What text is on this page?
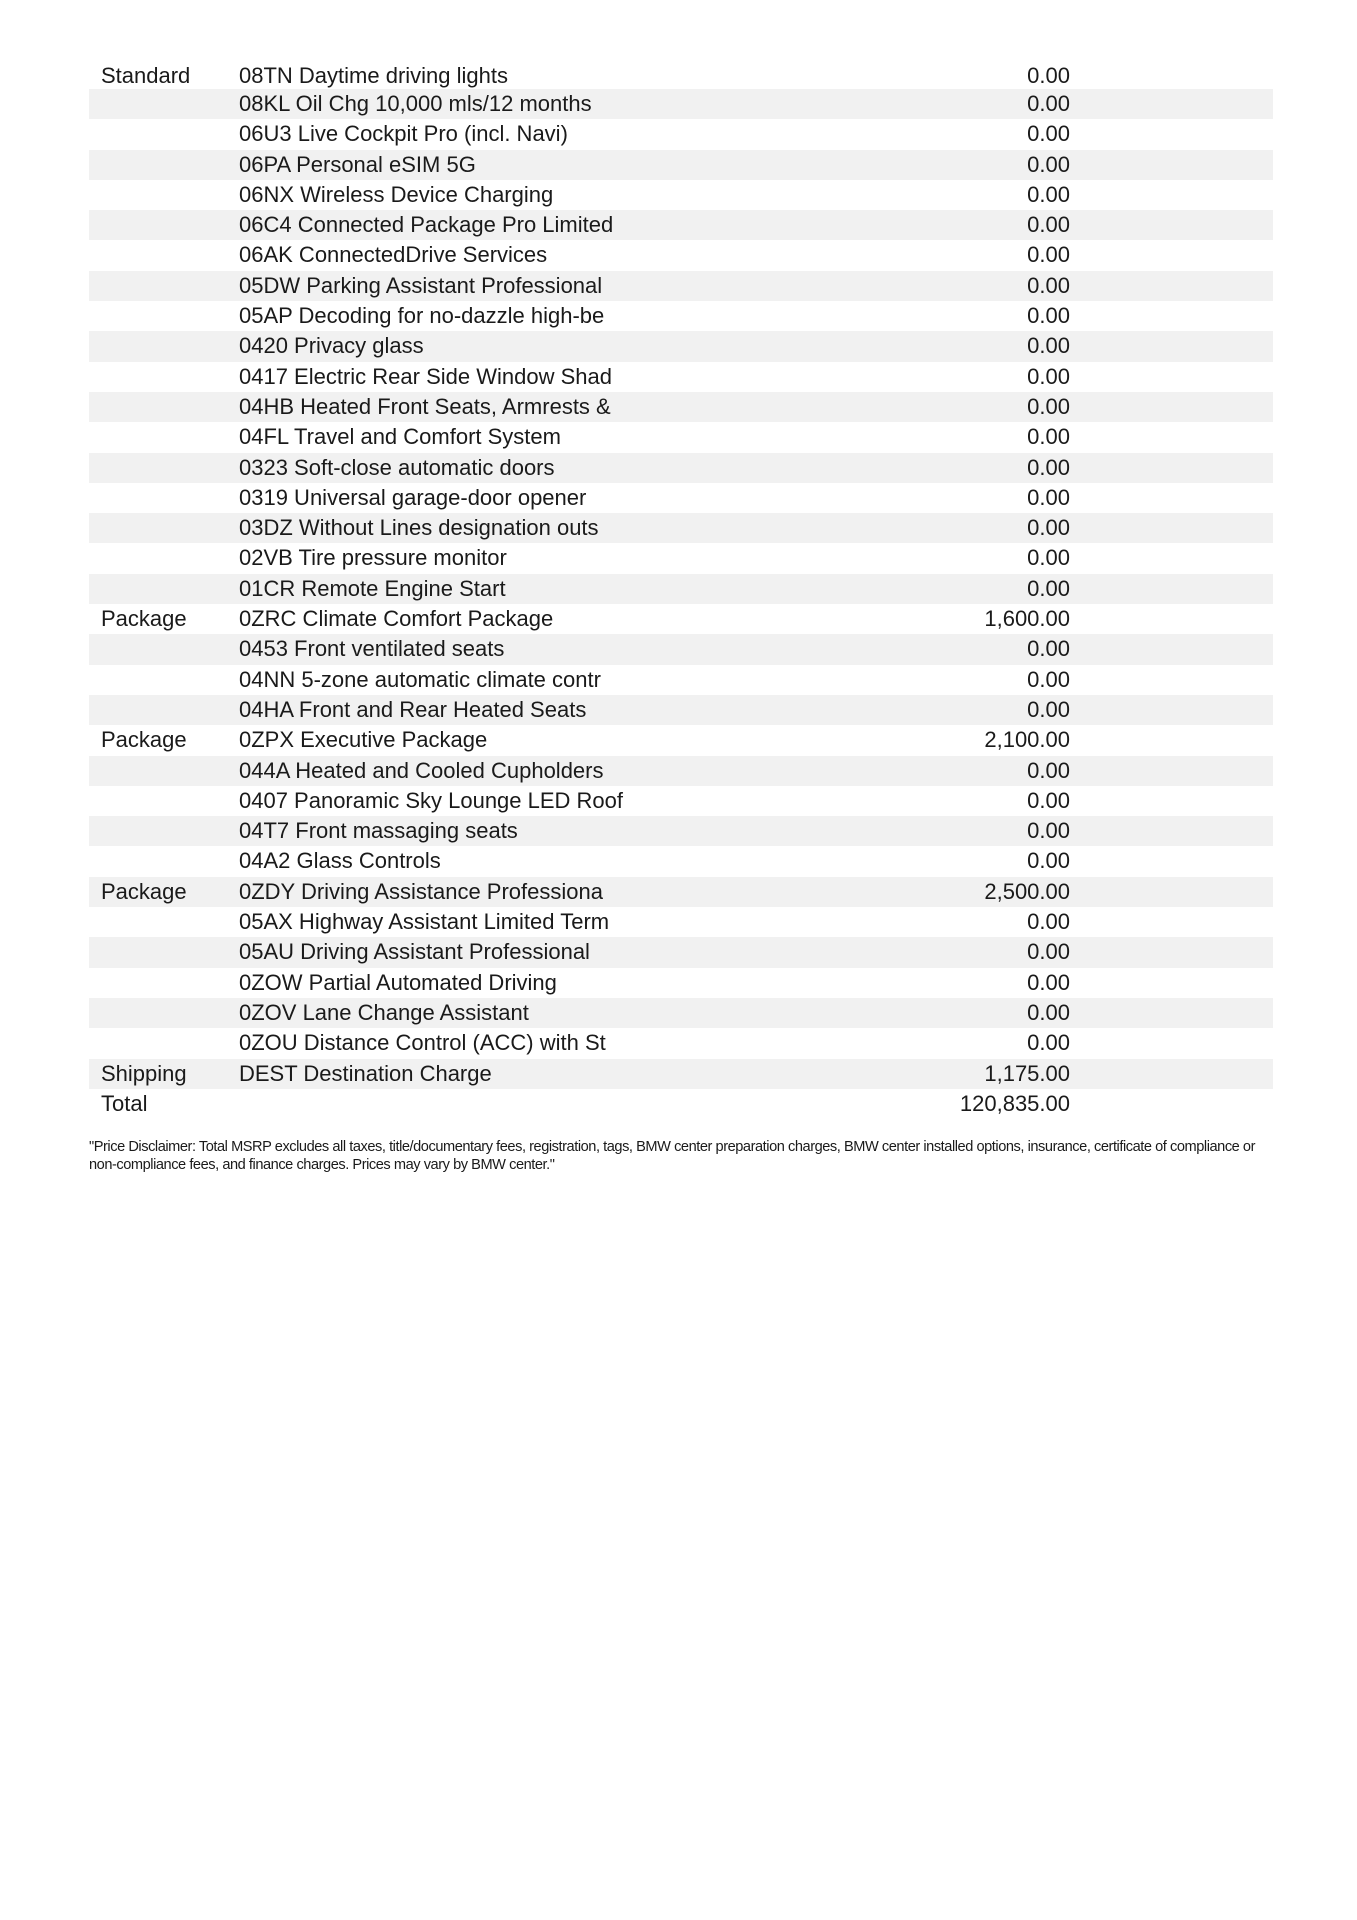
Standard 08TN Daytime driving lights	0.00
08KL Oil Chg 10,000 mls/12 months	0.00
06U3 Live Cockpit Pro (incl. Navi)	0.00
06PA Personal eSIM 5G	0.00
06NX Wireless Device Charging	0.00
06C4 Connected Package Pro Limited	0.00
06AK ConnectedDrive Services	0.00
05DW Parking Assistant Professional	0.00
05AP Decoding for no-dazzle high-be	0.00
0420 Privacy glass	0.00
0417 Electric Rear Side Window Shad	0.00
04HB Heated Front Seats, Armrests &	0.00
04FL Travel and Comfort System	0.00
0323 Soft-close automatic doors	0.00
0319 Universal garage-door opener	0.00
03DZ Without Lines designation outs	0.00
02VB Tire pressure monitor	0.00
01CR Remote Engine Start	0.00
Package 0ZRC Climate Comfort Package	1,600.00
0453 Front ventilated seats	0.00
04NN 5-zone automatic climate contr	0.00
04HA Front and Rear Heated Seats	0.00
Package 0ZPX Executive Package	2,100.00
044A Heated and Cooled Cupholders	0.00
0407 Panoramic Sky Lounge LED Roof	0.00
04T7 Front massaging seats	0.00
04A2 Glass Controls	0.00
Package 0ZDY Driving Assistance Professiona	2,500.00
05AX Highway Assistant Limited Term	0.00
05AU Driving Assistant Professional	0.00
0ZOW Partial Automated Driving	0.00
0ZOV Lane Change Assistant	0.00
0ZOU Distance Control (ACC) with St	0.00
Shipping DEST Destination Charge	1,175.00
Total	120,835.00
"Price Disclaimer: Total MSRP excludes all taxes, title/documentary fees, registration, tags, BMW center preparation charges, BMW center installed options, insurance, certificate of compliance or non-compliance fees, and finance charges. Prices may vary by BMW center."
